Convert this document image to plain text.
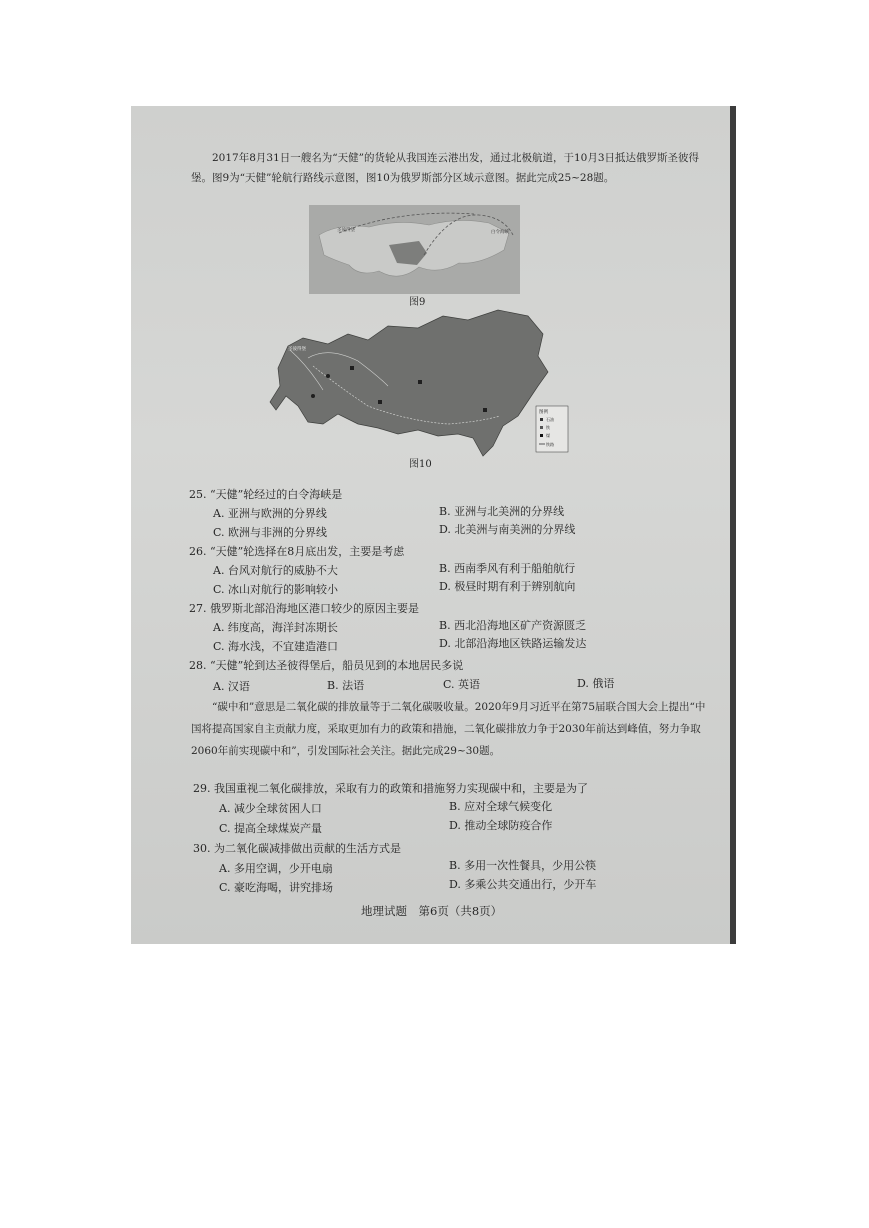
2017年8月31日一艘名为“天健”的货轮从我国连云港出发，通过北极航道，于10月3日抵达俄罗斯圣彼得堡。图9为“天健”轮航行路线示意图，图10为俄罗斯部分区域示意图。据此完成25~28题。
圣彼得堡	白令海峡
图9
圣彼得堡
图例
石油
铁
煤
铁路
图10
25. “天健”轮经过的白令海峡是
A. 亚洲与欧洲的分界线	B. 亚洲与北美洲的分界线
C. 欧洲与非洲的分界线	D. 北美洲与南美洲的分界线
26. “天健”轮选择在8月底出发，主要是考虑
A. 台风对航行的威胁不大	B. 西南季风有利于船舶航行
C. 冰山对航行的影响较小	D. 极昼时期有利于辨别航向
27. 俄罗斯北部沿海地区港口较少的原因主要是
A. 纬度高，海洋封冻期长	B. 西北沿海地区矿产资源匮乏
C. 海水浅，不宜建造港口	D. 北部沿海地区铁路运输发达
28. “天健”轮到达圣彼得堡后，船员见到的本地居民多说
A. 汉语	B. 法语	C. 英语	D. 俄语
“碳中和”意思是二氧化碳的排放量等于二氧化碳吸收量。2020年9月习近平在第75届联合国大会上提出“中国将提高国家自主贡献力度，采取更加有力的政策和措施，二氧化碳排放力争于2030年前达到峰值，努力争取2060年前实现碳中和”，引发国际社会关注。据此完成29~30题。
29. 我国重视二氧化碳排放，采取有力的政策和措施努力实现碳中和，主要是为了
A. 减少全球贫困人口	B. 应对全球气候变化
C. 提高全球煤炭产量	D. 推动全球防疫合作
30. 为二氧化碳减排做出贡献的生活方式是
A. 多用空调，少开电扇	B. 多用一次性餐具，少用公筷
C. 豪吃海喝，讲究排场	D. 多乘公共交通出行，少开车
地理试题　第6页（共8页）
